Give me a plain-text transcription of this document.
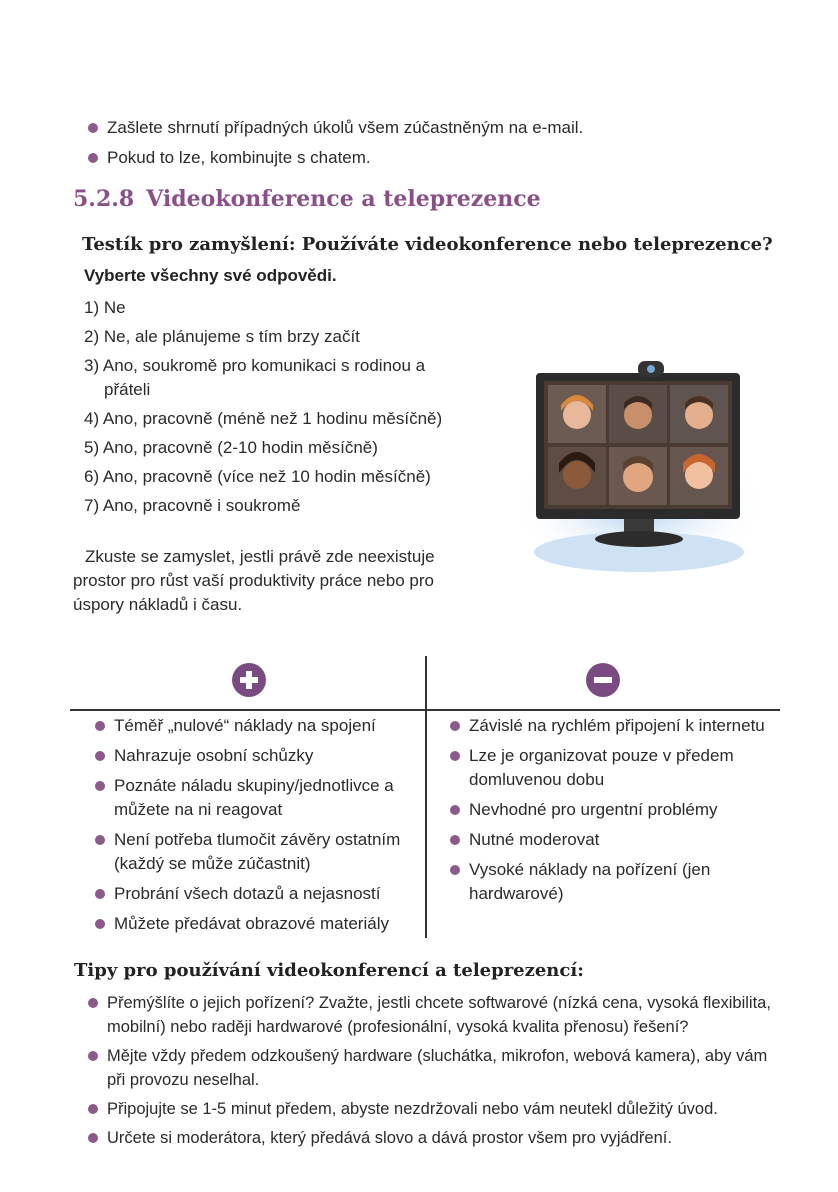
Zašlete shrnutí případných úkolů všem zúčastněným na e-mail.
Pokud to lze, kombinujte s chatem.
5.2.8 Videokonference a teleprezence
Testík pro zamyšlení: Používáte videokonference nebo teleprezence?
Vyberte všechny své odpovědi.
1) Ne
2) Ne, ale plánujeme s tím brzy začít
3) Ano, soukromě pro komunikaci s rodinou a přáteli
4) Ano, pracovně (méně než 1 hodinu měsíčně)
5) Ano, pracovně (2-10 hodin měsíčně)
6) Ano, pracovně (více než 10 hodin měsíčně)
7) Ano, pracovně i soukromě
Zkuste se zamyslet, jestli právě zde neexistuje prostor pro růst vaší produktivity práce nebo pro úspory nákladů i času.
Téměř „nulové“ náklady na spojení
Nahrazuje osobní schůzky
Poznáte náladu skupiny/jednotlivce a můžete na ni reagovat
Není potřeba tlumočit závěry ostatním (každý se může zúčastnit)
Probrání všech dotazů a nejasností
Můžete předávat obrazové materiály
Závislé na rychlém připojení k internetu
Lze je organizovat pouze v předem domluvenou dobu
Nevhodné pro urgentní problémy
Nutné moderovat
Vysoké náklady na pořízení (jen hardwarové)
Tipy pro používání videokonferencí a teleprezencí:
Přemýšlíte o jejich pořízení? Zvažte, jestli chcete softwarové (nízká cena, vysoká flexibilita, mobilní) nebo raději hardwarové (profesionální, vysoká kvalita přenosu) řešení?
Mějte vždy předem odzkoušený hardware (sluchátka, mikrofon, webová kamera), aby vám při provozu neselhal.
Připojujte se 1-5 minut předem, abyste nezdržovali nebo vám neutekl důležitý úvod.
Určete si moderátora, který předává slovo a dává prostor všem pro vyjádření.
